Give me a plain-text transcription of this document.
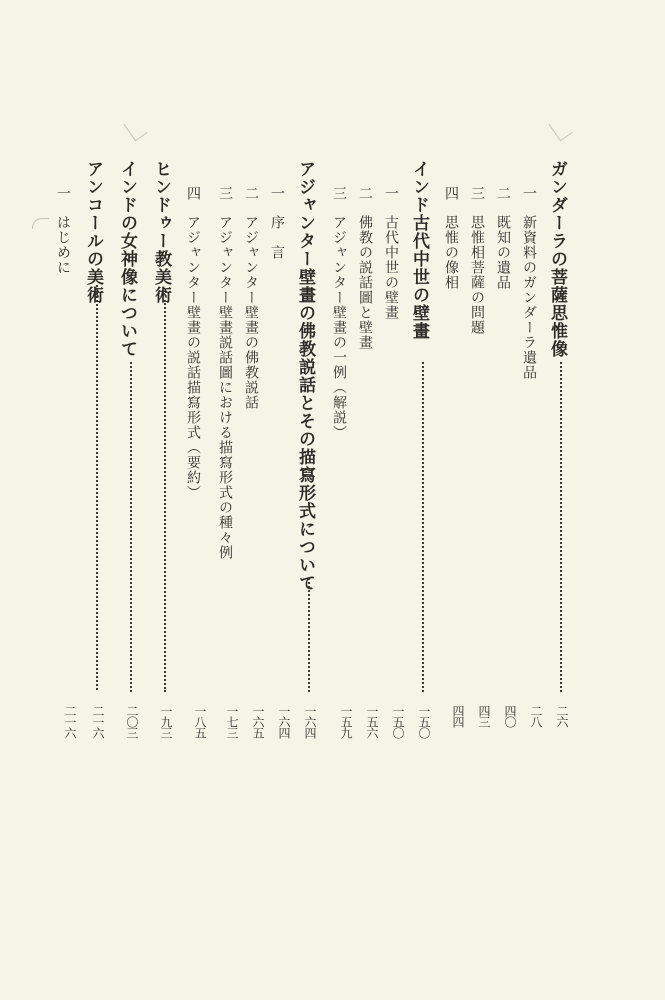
ガンダーラの菩薩思惟像
二六
一新資料のガンダーラ遺品
二八
二既知の遺品
四〇
三思惟相菩薩の問題
四三
四思惟の像相
四四
インド古代中世の壁畫
一五〇
一古代中世の壁畫
一五〇
二佛教の説話圖と壁畫
一五六
三アジャンター壁畫の一例（解説）
一五九
アジャンター壁畫の佛教説話とその描寫形式について
一六四
一序　言
一六四
二アジャンター壁畫の佛教説話
一六五
三アジャンター壁畫説話圖における描寫形式の種々例
一七三
四アジャンター壁畫の説話描寫形式（要約）
一八五
ヒンドゥー教美術
一九三
インドの女神像について
二〇三
アンコールの美術
二一六
一はじめに
二一六
